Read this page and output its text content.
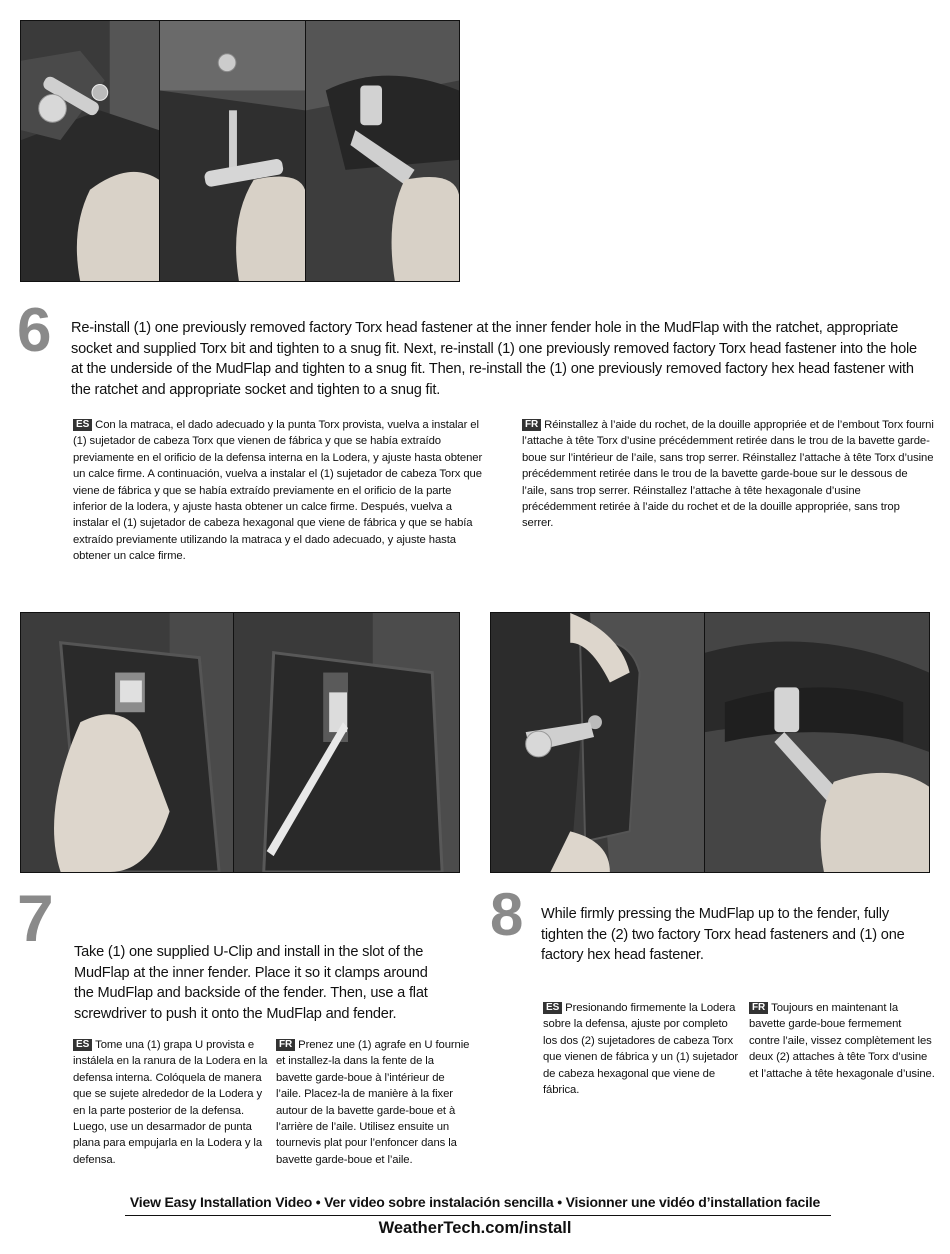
6 Re-install (1) one previously removed factory Torx head fastener at the inner fender hole in the MudFlap with the ratchet, appropriate socket and supplied Torx bit and tighten to a snug fit. Next, re-install (1) one previously removed factory Torx head fastener into the hole at the underside of the MudFlap and tighten to a snug fit. Then, re-install the (1) one previously removed factory hex head fastener with the ratchet and appropriate socket and tighten to a snug fit.
ES Con la matraca, el dado adecuado y la punta Torx provista, vuelva a instalar el (1) sujetador de cabeza Torx que vienen de fábrica y que se había extraído previamente en el orificio de la defensa interna en la Lodera, y ajuste hasta obtener un calce firme. A continuación, vuelva a instalar el (1) sujetador de cabeza Torx que viene de fábrica y que se había extraído previamente en el orificio de la parte inferior de la lodera, y ajuste hasta obtener un calce firme. Después, vuelva a instalar el (1) sujetador de cabeza hexagonal que viene de fábrica y que se había extraído previamente utilizando la matraca y el dado adecuado, y ajuste hasta obtener un calce firme.
FR Réinstallez à l’aide du rochet, de la douille appropriée et de l’embout Torx fourni l’attache à tête Torx d’usine précédemment retirée dans le trou de la bavette garde-boue sur l’intérieur de l’aile, sans trop serrer. Réinstallez l’attache à tête Torx d’usine précédemment retirée dans le trou de la bavette garde-boue sur le dessous de l’aile, sans trop serrer. Réinstallez l’attache à tête hexagonale d’usine précédemment retirée à l’aide du rochet et de la douille appropriée, sans trop serrer.
7 Take (1) one supplied U-Clip and install in the slot of the MudFlap at the inner fender. Place it so it clamps around the MudFlap and backside of the fender. Then, use a flat screwdriver to push it onto the MudFlap and fender.
ES Tome una (1) grapa U provista e instálela en la ranura de la Lodera en la defensa interna. Colóquela de manera que se sujete alrededor de la Lodera y en la parte posterior de la defensa. Luego, use un desarmador de punta plana para empujarla en la Lodera y la defensa.
FR Prenez une (1) agrafe en U fournie et installez-la dans la fente de la bavette garde-boue à l’intérieur de l’aile. Placez-la de manière à la fixer autour de la bavette garde-boue et à l’arrière de l’aile. Utilisez ensuite un tournevis plat pour l’enfoncer dans la bavette garde-boue et l’aile.
8 While firmly pressing the MudFlap up to the fender, fully tighten the (2) two factory Torx head fasteners and (1) one factory hex head fastener.
ES Presionando firmemente la Lodera sobre la defensa, ajuste por completo los dos (2) sujetadores de cabeza Torx que vienen de fábrica y un (1) sujetador de cabeza hexagonal que viene de fábrica.
FR Toujours en maintenant la bavette garde-boue fermement contre l’aile, vissez complètement les deux (2) attaches à tête Torx d’usine et l’attache à tête hexagonale d’usine.
View Easy Installation Video • Ver video sobre instalación sencilla • Visionner une vidéo d’installation facile
WeatherTech.com/install
